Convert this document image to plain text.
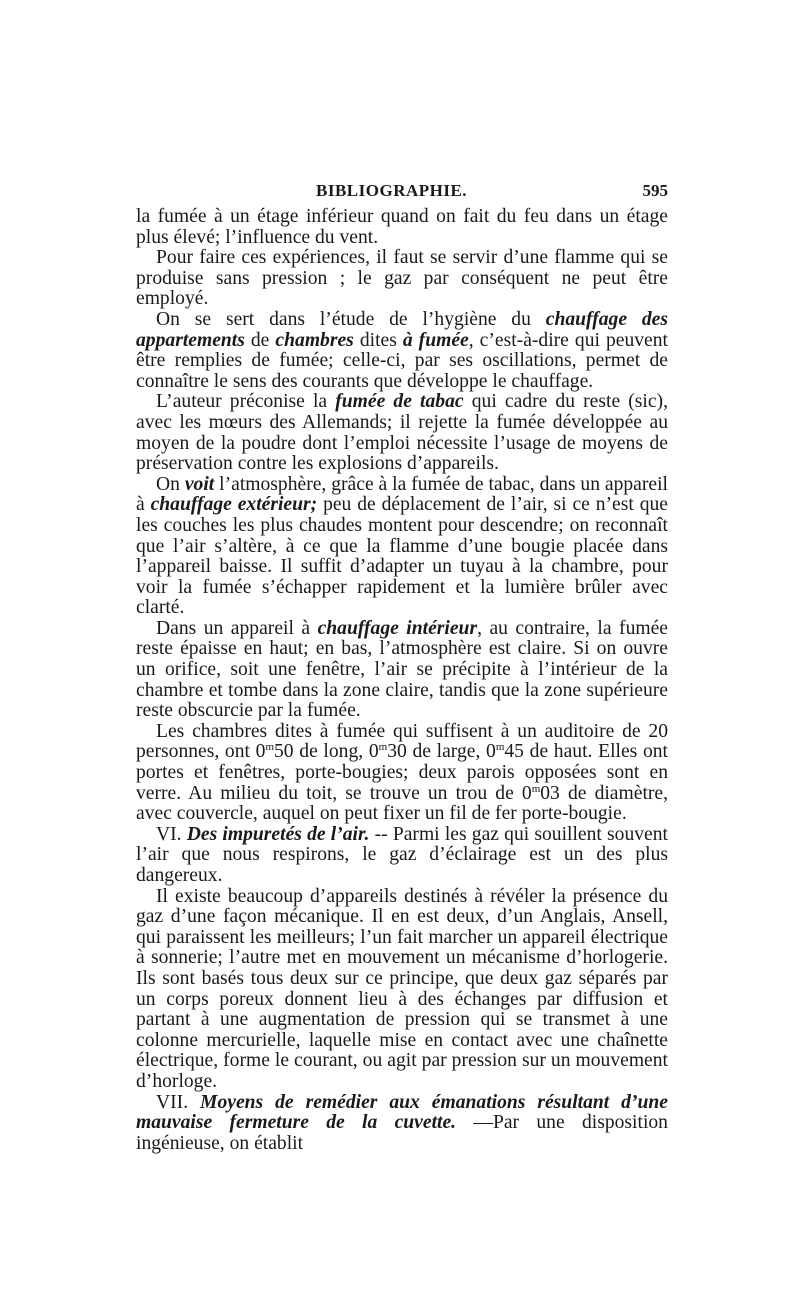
BIBLIOGRAPHIE.	595

la fumée à un étage inférieur quand on fait du feu dans un étage plus élevé; l’influence du vent.

Pour faire ces expériences, il faut se servir d’une flamme qui se produise sans pression ; le gaz par conséquent ne peut être employé.

On se sert dans l’étude de l’hygiène du chauffage des appartements de chambres dites à fumée, c’est-à-dire qui peuvent être remplies de fumée; celle-ci, par ses oscillations, permet de connaître le sens des courants que développe le chauffage.

L’auteur préconise la fumée de tabac qui cadre du reste (sic), avec les mœurs des Allemands; il rejette la fumée développée au moyen de la poudre dont l’emploi nécessite l’usage de moyens de préservation contre les explosions d’appareils.

On voit l’atmosphère, grâce à la fumée de tabac, dans un appareil à chauffage extérieur; peu de déplacement de l’air, si ce n’est que les couches les plus chaudes montent pour descendre; on reconnaît que l’air s’altère, à ce que la flamme d’une bougie placée dans l’appareil baisse. Il suffit d’adapter un tuyau à la chambre, pour voir la fumée s’échapper rapidement et la lumière brûler avec clarté.

Dans un appareil à chauffage intérieur, au contraire, la fumée reste épaisse en haut; en bas, l’atmosphère est claire. Si on ouvre un orifice, soit une fenêtre, l’air se précipite à l’intérieur de la chambre et tombe dans la zone claire, tandis que la zone supérieure reste obscurcie par la fumée.

Les chambres dites à fumée qui suffisent à un auditoire de 20 personnes, ont 0$^m$50 de long, 0$^m$30 de large, 0$^m$45 de haut. Elles ont portes et fenêtres, porte-bougies; deux parois opposées sont en verre. Au milieu du toit, se trouve un trou de 0$^m$03 de diamètre, avec couvercle, auquel on peut fixer un fil de fer porte-bougie.

VI. Des impuretés de l’air. -- Parmi les gaz qui souillent souvent l’air que nous respirons, le gaz d’éclairage est un des plus dangereux.

Il existe beaucoup d’appareils destinés à révéler la présence du gaz d’une façon mécanique. Il en est deux, d’un Anglais, Ansell, qui paraissent les meilleurs; l’un fait marcher un appareil électrique à sonnerie; l’autre met en mouvement un mécanisme d’horlogerie. Ils sont basés tous deux sur ce principe, que deux gaz séparés par un corps poreux donnent lieu à des échanges par diffusion et partant à une augmentation de pression qui se transmet à une colonne mercurielle, laquelle mise en contact avec une chaînette électrique, forme le courant, ou agit par pression sur un mouvement d’horloge.

VII. Moyens de remédier aux émanations résultant d’une mauvaise fermeture de la cuvette. —Par une disposition ingénieuse, on établit
